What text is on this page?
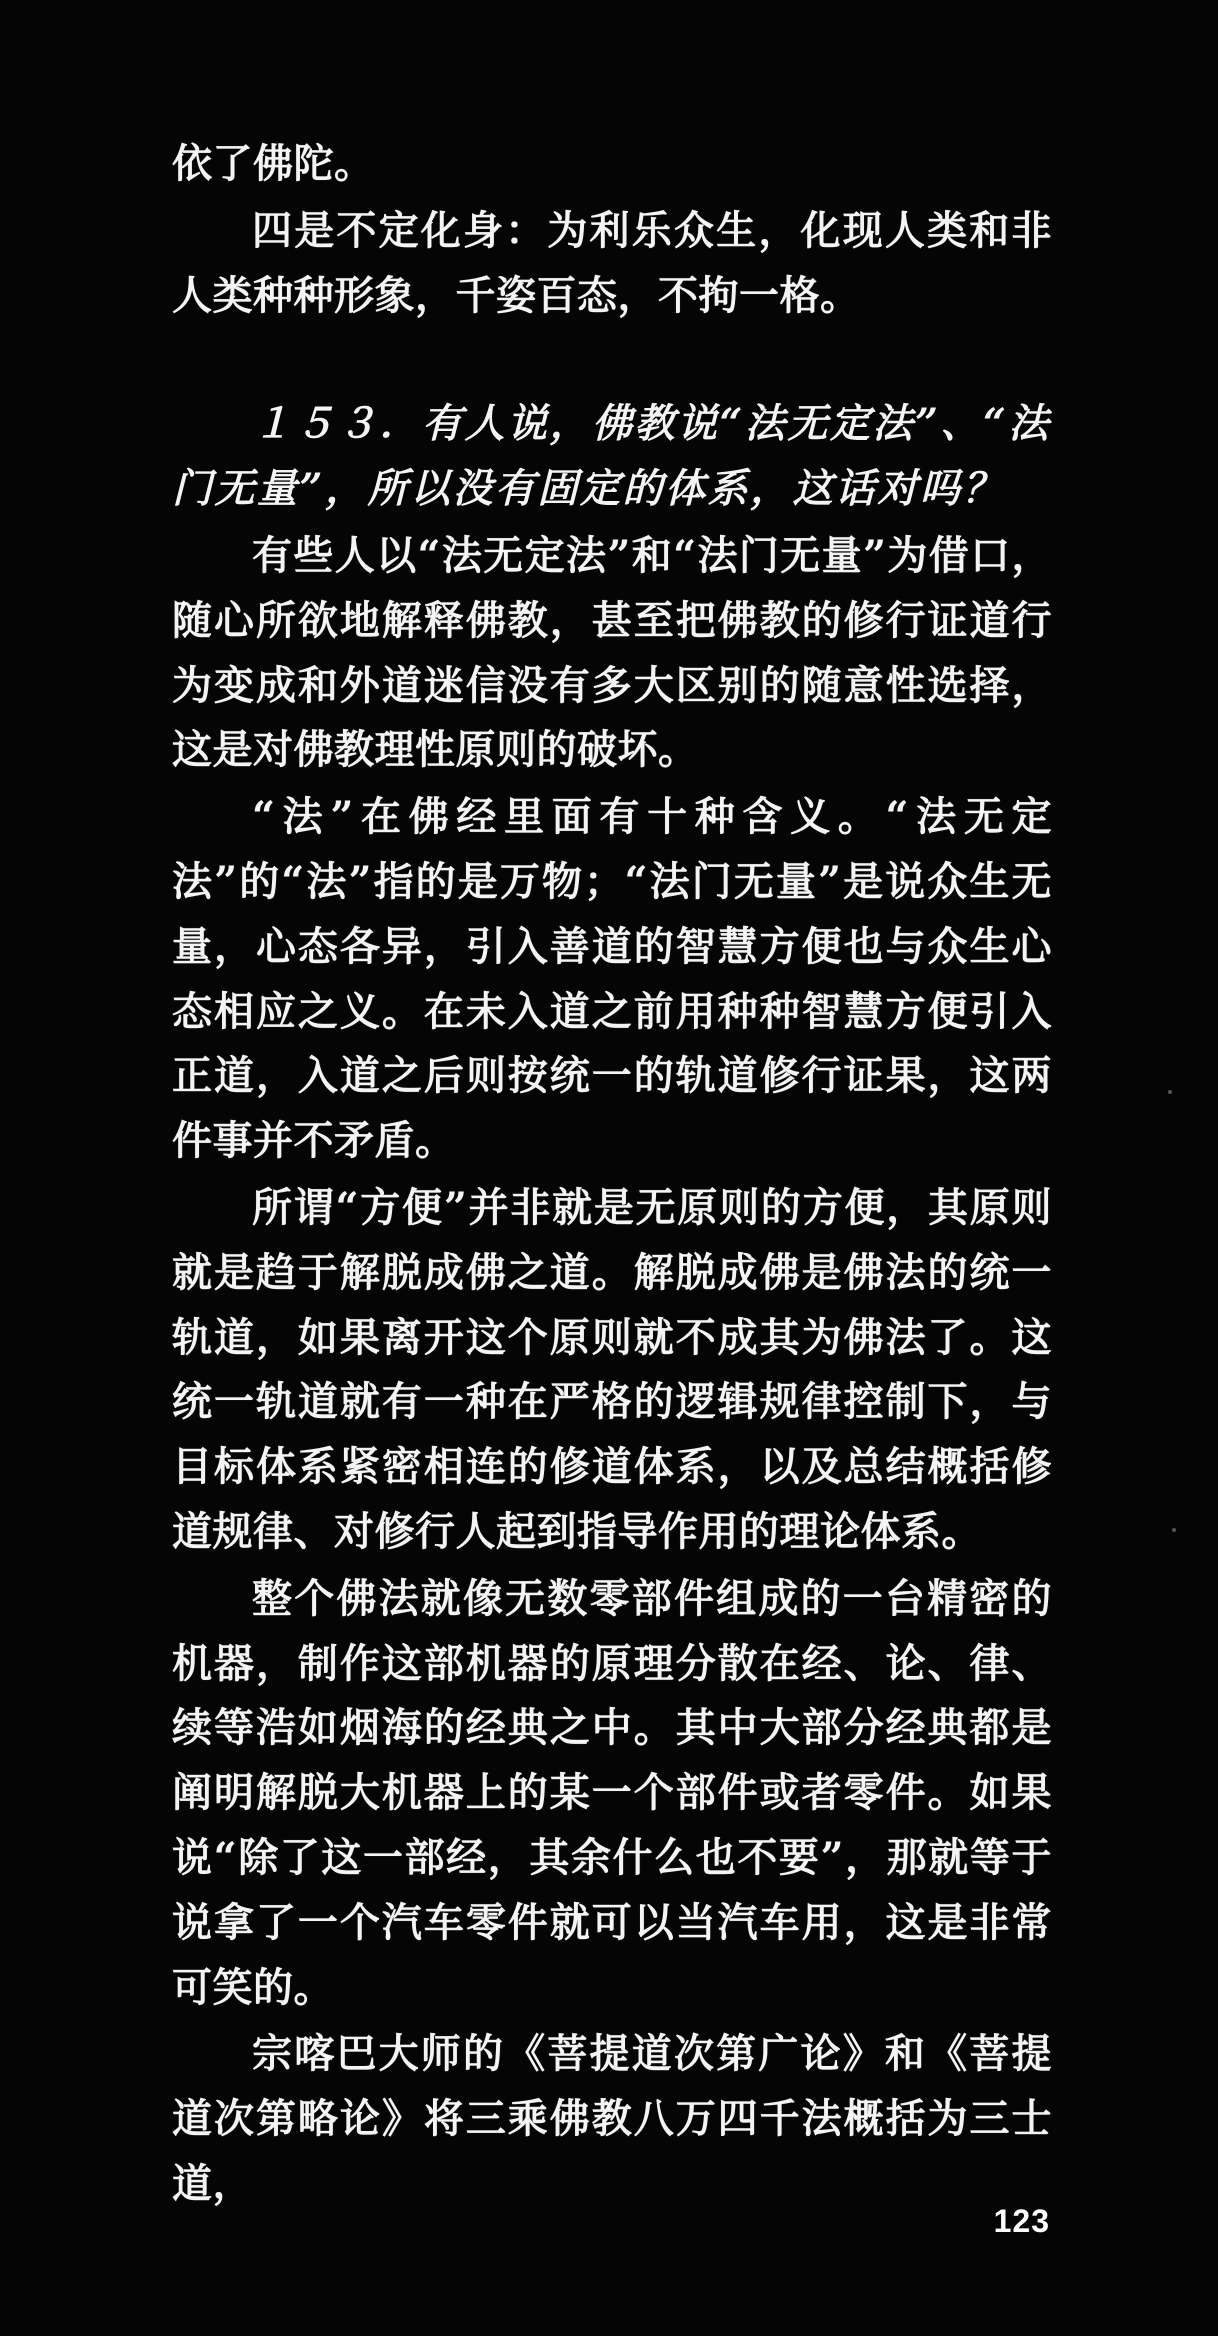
依了佛陀。

四是不定化身：为利乐众生，化现人类和非人类种种形象，千姿百态，不拘一格。

１５３．有人说，佛教说“法无定法”、“法门无量”，所以没有固定的体系，这话对吗？

有些人以“法无定法”和“法门无量”为借口，随心所欲地解释佛教，甚至把佛教的修行证道行为变成和外道迷信没有多大区别的随意性选择，这是对佛教理性原则的破坏。

“法”在佛经里面有十种含义。“法无定法”的“法”指的是万物；“法门无量”是说众生无量，心态各异，引入善道的智慧方便也与众生心态相应之义。在未入道之前用种种智慧方便引入正道，入道之后则按统一的轨道修行证果，这两件事并不矛盾。

所谓“方便”并非就是无原则的方便，其原则就是趋于解脱成佛之道。解脱成佛是佛法的统一轨道，如果离开这个原则就不成其为佛法了。这统一轨道就有一种在严格的逻辑规律控制下，与目标体系紧密相连的修道体系，以及总结概括修道规律、对修行人起到指导作用的理论体系。

整个佛法就像无数零部件组成的一台精密的机器，制作这部机器的原理分散在经、论、律、续等浩如烟海的经典之中。其中大部分经典都是阐明解脱大机器上的某一个部件或者零件。如果说“除了这一部经，其余什么也不要”，那就等于说拿了一个汽车零件就可以当汽车用，这是非常可笑的。

宗喀巴大师的《菩提道次第广论》和《菩提道次第略论》将三乘佛教八万四千法概括为三士道，

123
